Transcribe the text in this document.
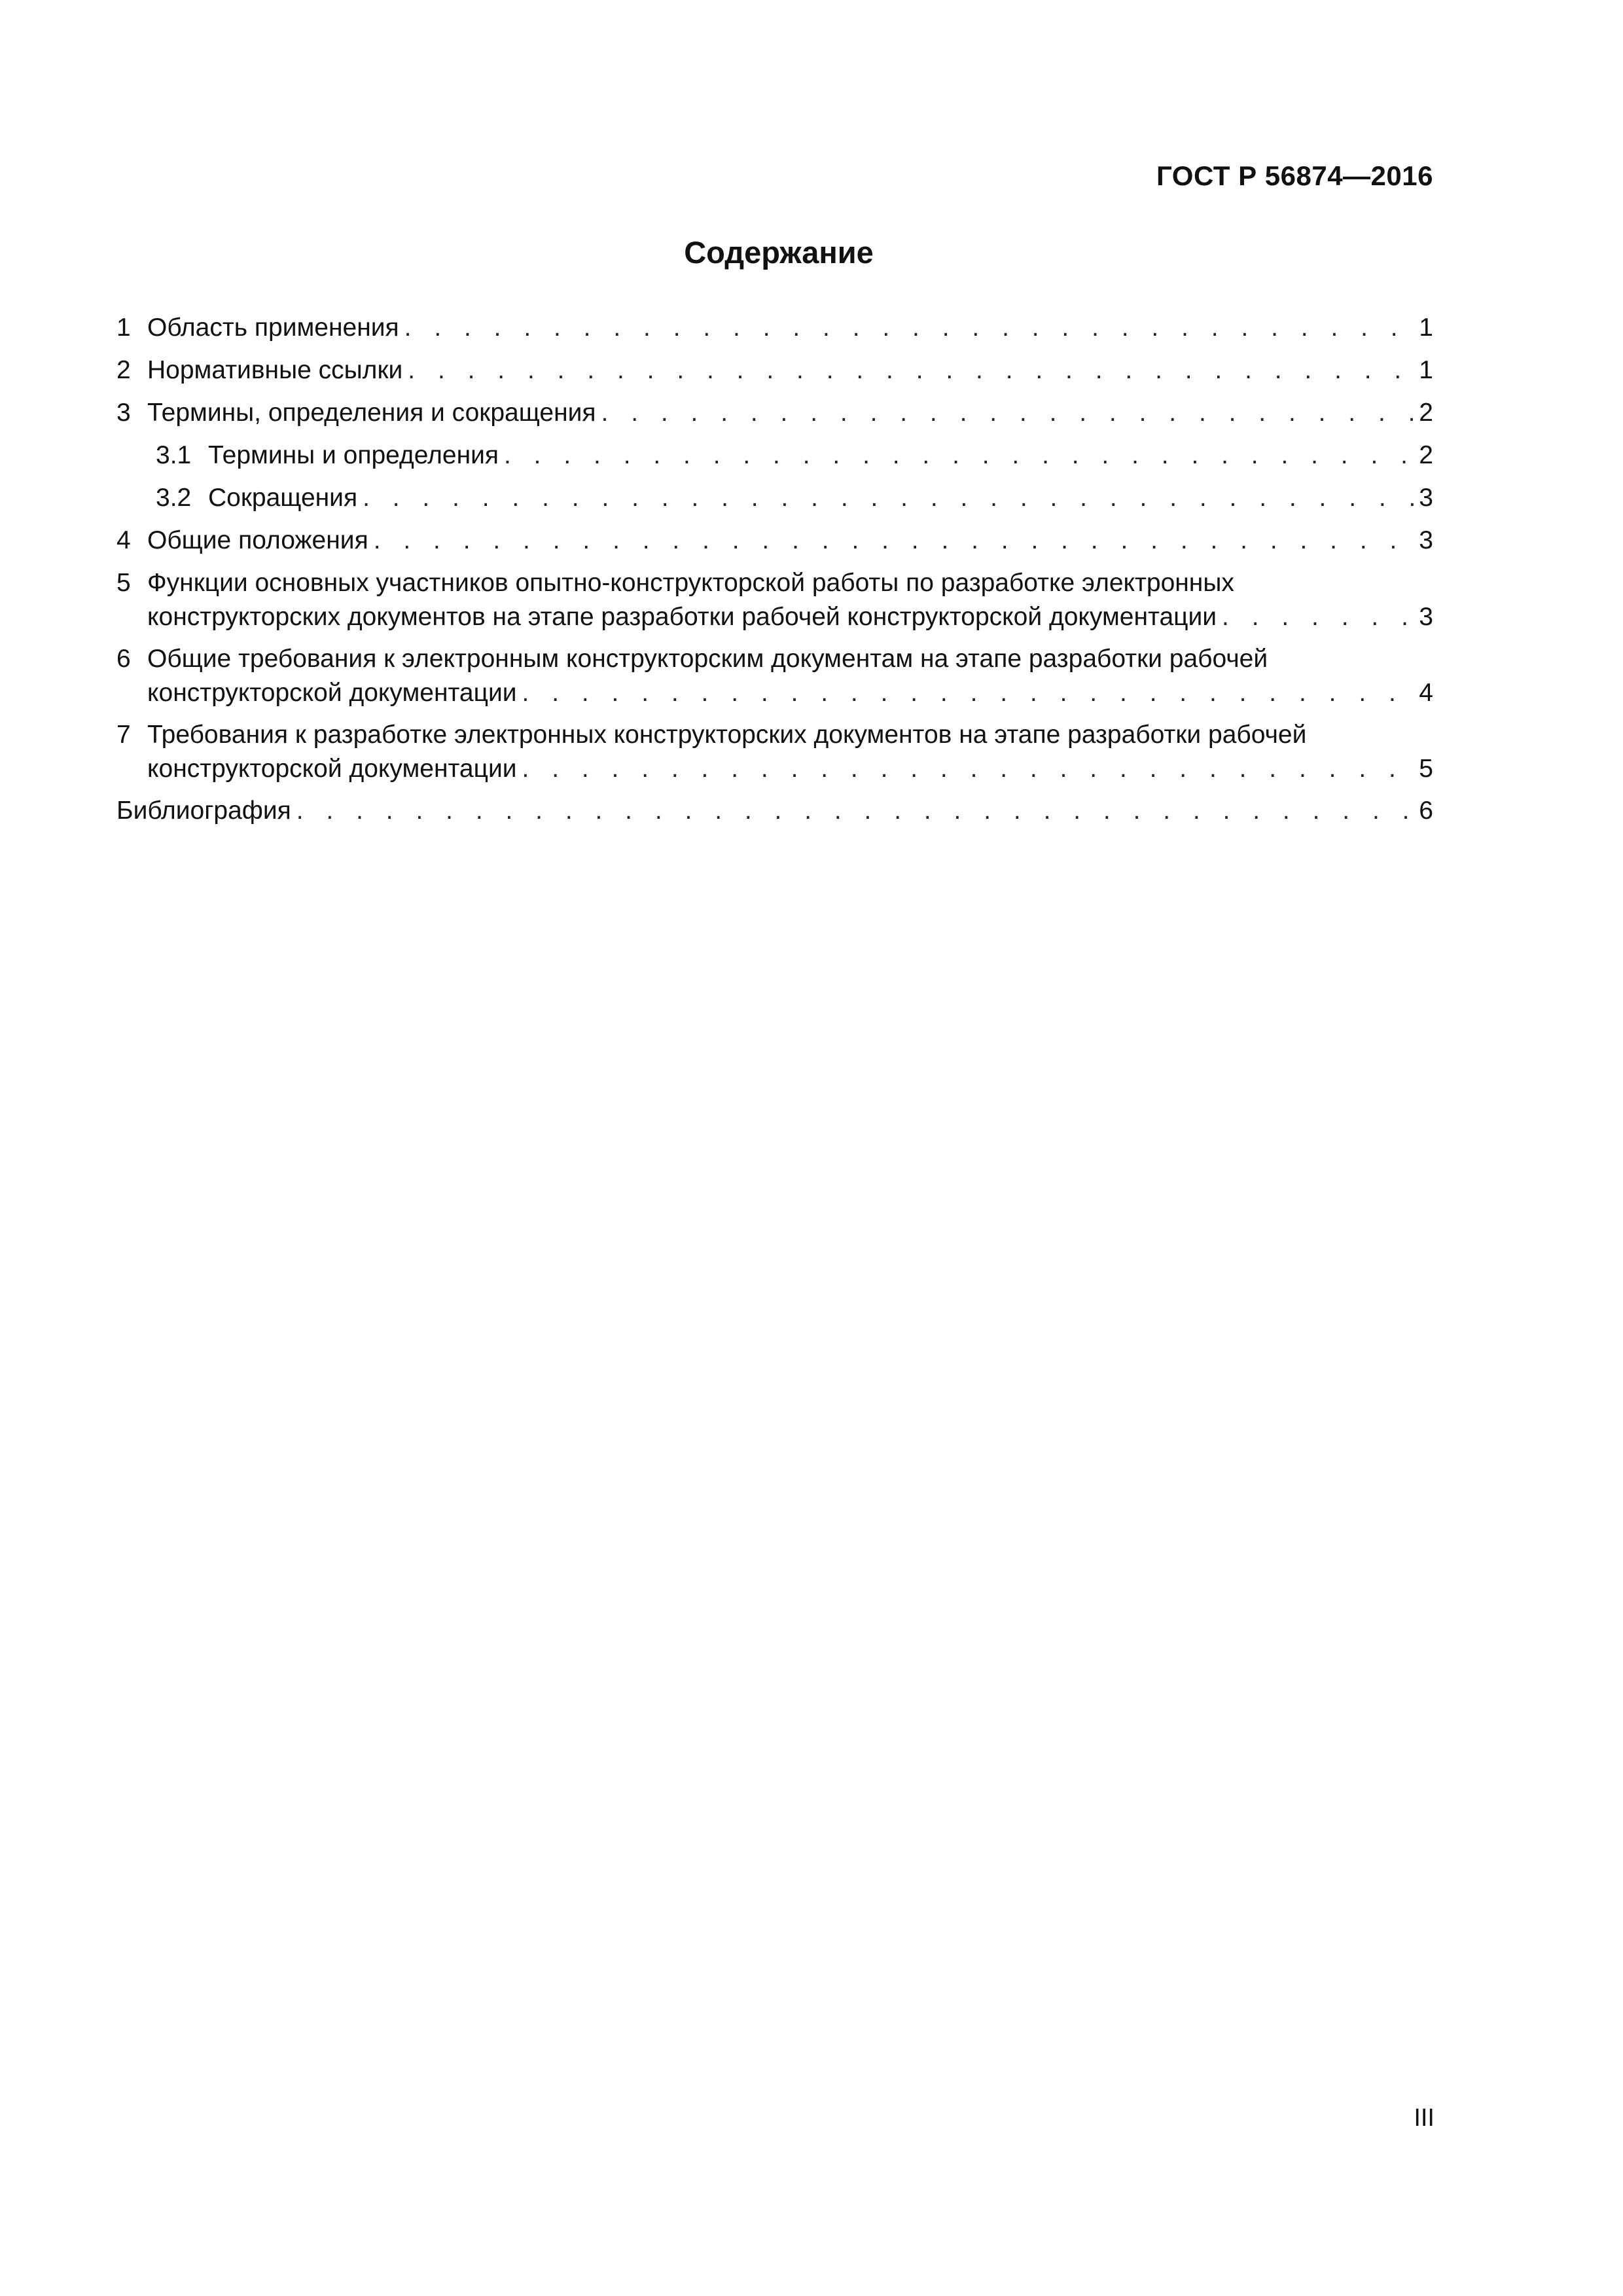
ГОСТ Р 56874—2016
Содержание
1 Область применения . . .	1
2 Нормативные ссылки . . .	1
3 Термины, определения и сокращения . . .	2
3.1 Термины и определения . . .	2
3.2 Сокращения . . .	3
4 Общие положения . . .	3
5 Функции основных участников опытно-конструкторской работы по разработке электронных
конструкторских документов на этапе разработки рабочей конструкторской документации . . .	3
6 Общие требования к электронным конструкторским документам на этапе разработки рабочей
конструкторской документации . . .	4
7 Требования к разработке электронных конструкторских документов на этапе разработки рабочей
конструкторской документации . . .	5
Библиография . . .	6
III
